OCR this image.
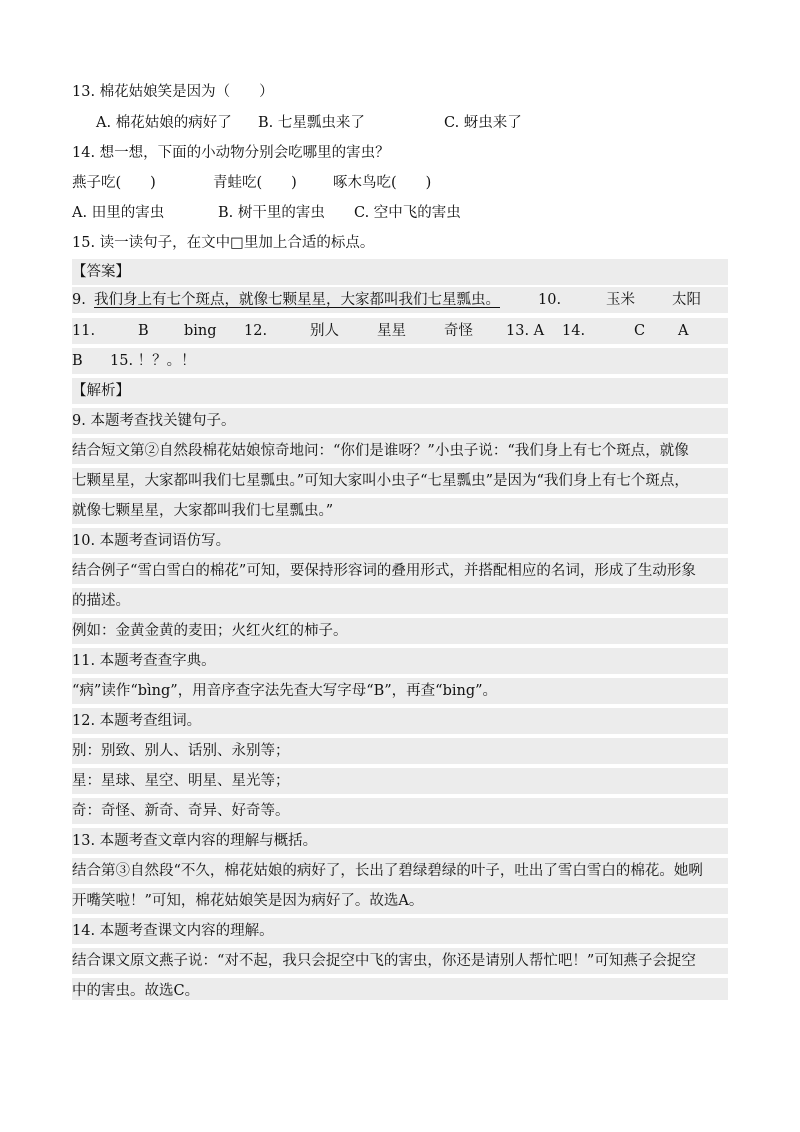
13. 棉花姑娘笑是因为（　　）
A. 棉花姑娘的病好了 B. 七星瓢虫来了	C. 蚜虫来了
14. 想一想，下面的小动物分别会吃哪里的害虫？
燕子吃(　　)	青蛙吃(　　) 啄木鸟吃(　　)
A. 田里的害虫	B. 树干里的害虫 C. 空中飞的害虫
15. 读一读句子，在文中□里加上合适的标点。
【答案】
9. 我们身上有七个斑点，就像七颗星星，大家都叫我们七星瓢虫。	10.	玉米	太阳
11.	B bing 12.	别人	星星	奇怪 13. A 14.	C A
B 15. ！？。！
【解析】
9. 本题考查找关键句子。
结合短文第②自然段棉花姑娘惊奇地问：“你们是谁呀？”小虫子说：“我们身上有七个斑点，就像
七颗星星，大家都叫我们七星瓢虫。”可知大家叫小虫子“七星瓢虫”是因为“我们身上有七个斑点，
就像七颗星星，大家都叫我们七星瓢虫。”
10. 本题考查词语仿写。
结合例子“雪白雪白的棉花”可知，要保持形容词的叠用形式，并搭配相应的名词，形成了生动形象
的描述。
例如：金黄金黄的麦田；火红火红的柿子。
11. 本题考查查字典。
“病”读作“bìng”，用音序查字法先查大写字母“B”，再查“bing”。
12. 本题考查组词。
别：别致、别人、话别、永别等；
星：星球、星空、明星、星光等；
奇：奇怪、新奇、奇异、好奇等。
13. 本题考查文章内容的理解与概括。
结合第③自然段“不久，棉花姑娘的病好了，长出了碧绿碧绿的叶子，吐出了雪白雪白的棉花。她咧
开嘴笑啦！”可知，棉花姑娘笑是因为病好了。故选A。
14. 本题考查课文内容的理解。
结合课文原文燕子说：“对不起，我只会捉空中飞的害虫，你还是请别人帮忙吧！”可知燕子会捉空
中的害虫。故选C。
